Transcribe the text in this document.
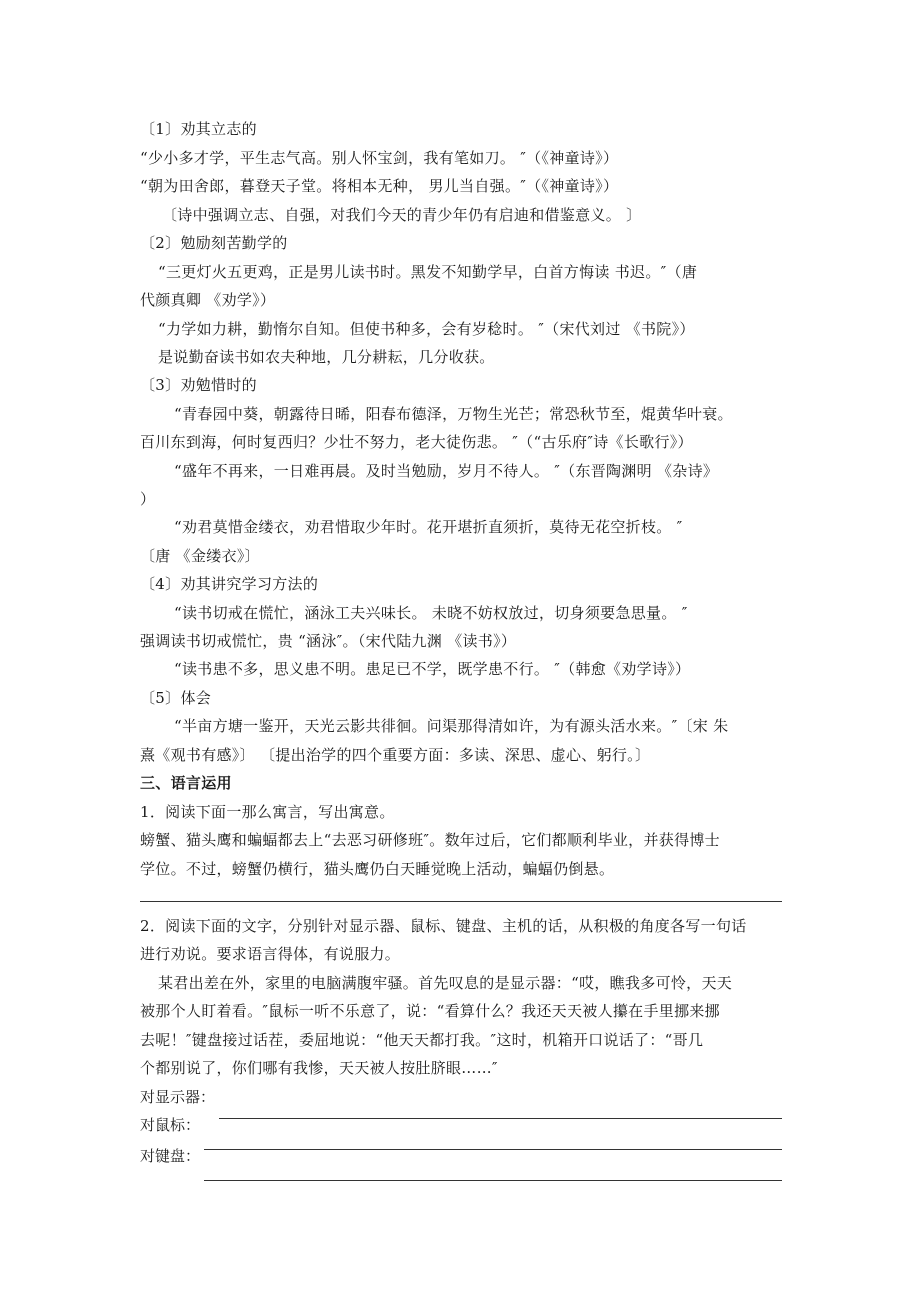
〔1〕劝其立志的
“少小多才学，平生志气高。别人怀宝剑，我有笔如刀。 ″（《神童诗》）
“朝为田舍郎，暮登天子堂。将相本无种， 男儿当自强。″（《神童诗》）
〔诗中强调立志、自强，对我们今天的青少年仍有启迪和借鉴意义。 〕
〔2〕勉励刻苦勤学的
“三更灯火五更鸡，正是男儿读书时。黑发不知勤学早，白首方悔读 书迟。″（唐
代颜真卿 《劝学》）
“力学如力耕，勤惰尔自知。但使书种多，会有岁稔时。 ″（宋代刘过 《书院》）
是说勤奋读书如农夫种地，几分耕耘，几分收获。
〔3〕劝勉惜时的
“青春园中葵，朝露待日晞，阳春布德泽，万物生光芒；常恐秋节至，焜黄华叶衰。
百川东到海，何时复西归？少壮不努力，老大徒伤悲。 ″（“古乐府″诗《长歌行》）
“盛年不再来，一日难再晨。及时当勉励，岁月不待人。 ″（东晋陶渊明 《杂诗》
）
“劝君莫惜金缕衣，劝君惜取少年时。花开堪折直须折，莫待无花空折枝。 ″
〔唐 《金缕衣》〕
〔4〕劝其讲究学习方法的
“读书切戒在慌忙，涵泳工夫兴味长。 未晓不妨权放过，切身须要急思量。 ″
强调读书切戒慌忙，贵 “涵泳″。（宋代陆九渊 《读书》）
“读书患不多，思义患不明。患足已不学，既学患不行。 ″（韩愈《劝学诗》）
〔5〕体会
“半亩方塘一鉴开，天光云影共徘徊。问渠那得清如许，为有源头活水来。″〔宋 朱
熹《观书有感》〕 〔提出治学的四个重要方面：多读、深思、虚心、躬行。〕
三、语言运用
1．阅读下面一那么寓言，写出寓意。
螃蟹、猫头鹰和蝙蝠都去上“去恶习研修班″。数年过后，它们都顺利毕业，并获得博士
学位。不过，螃蟹仍横行，猫头鹰仍白天睡觉晚上活动，蝙蝠仍倒悬。
2．阅读下面的文字，分别针对显示器、鼠标、键盘、主机的话，从积极的角度各写一句话
进行劝说。要求语言得体，有说服力。
某君出差在外，家里的电脑满腹牢骚。首先叹息的是显示器：“哎，瞧我多可怜，天天
被那个人盯着看。″鼠标一听不乐意了，说：“看算什么？我还天天被人攥在手里挪来挪
去呢！″键盘接过话茬，委屈地说：“他天天都打我。″这时，机箱开口说话了：“哥几
个都别说了，你们哪有我惨，天天被人按肚脐眼……″
对显示器：
对鼠标：
对键盘：
